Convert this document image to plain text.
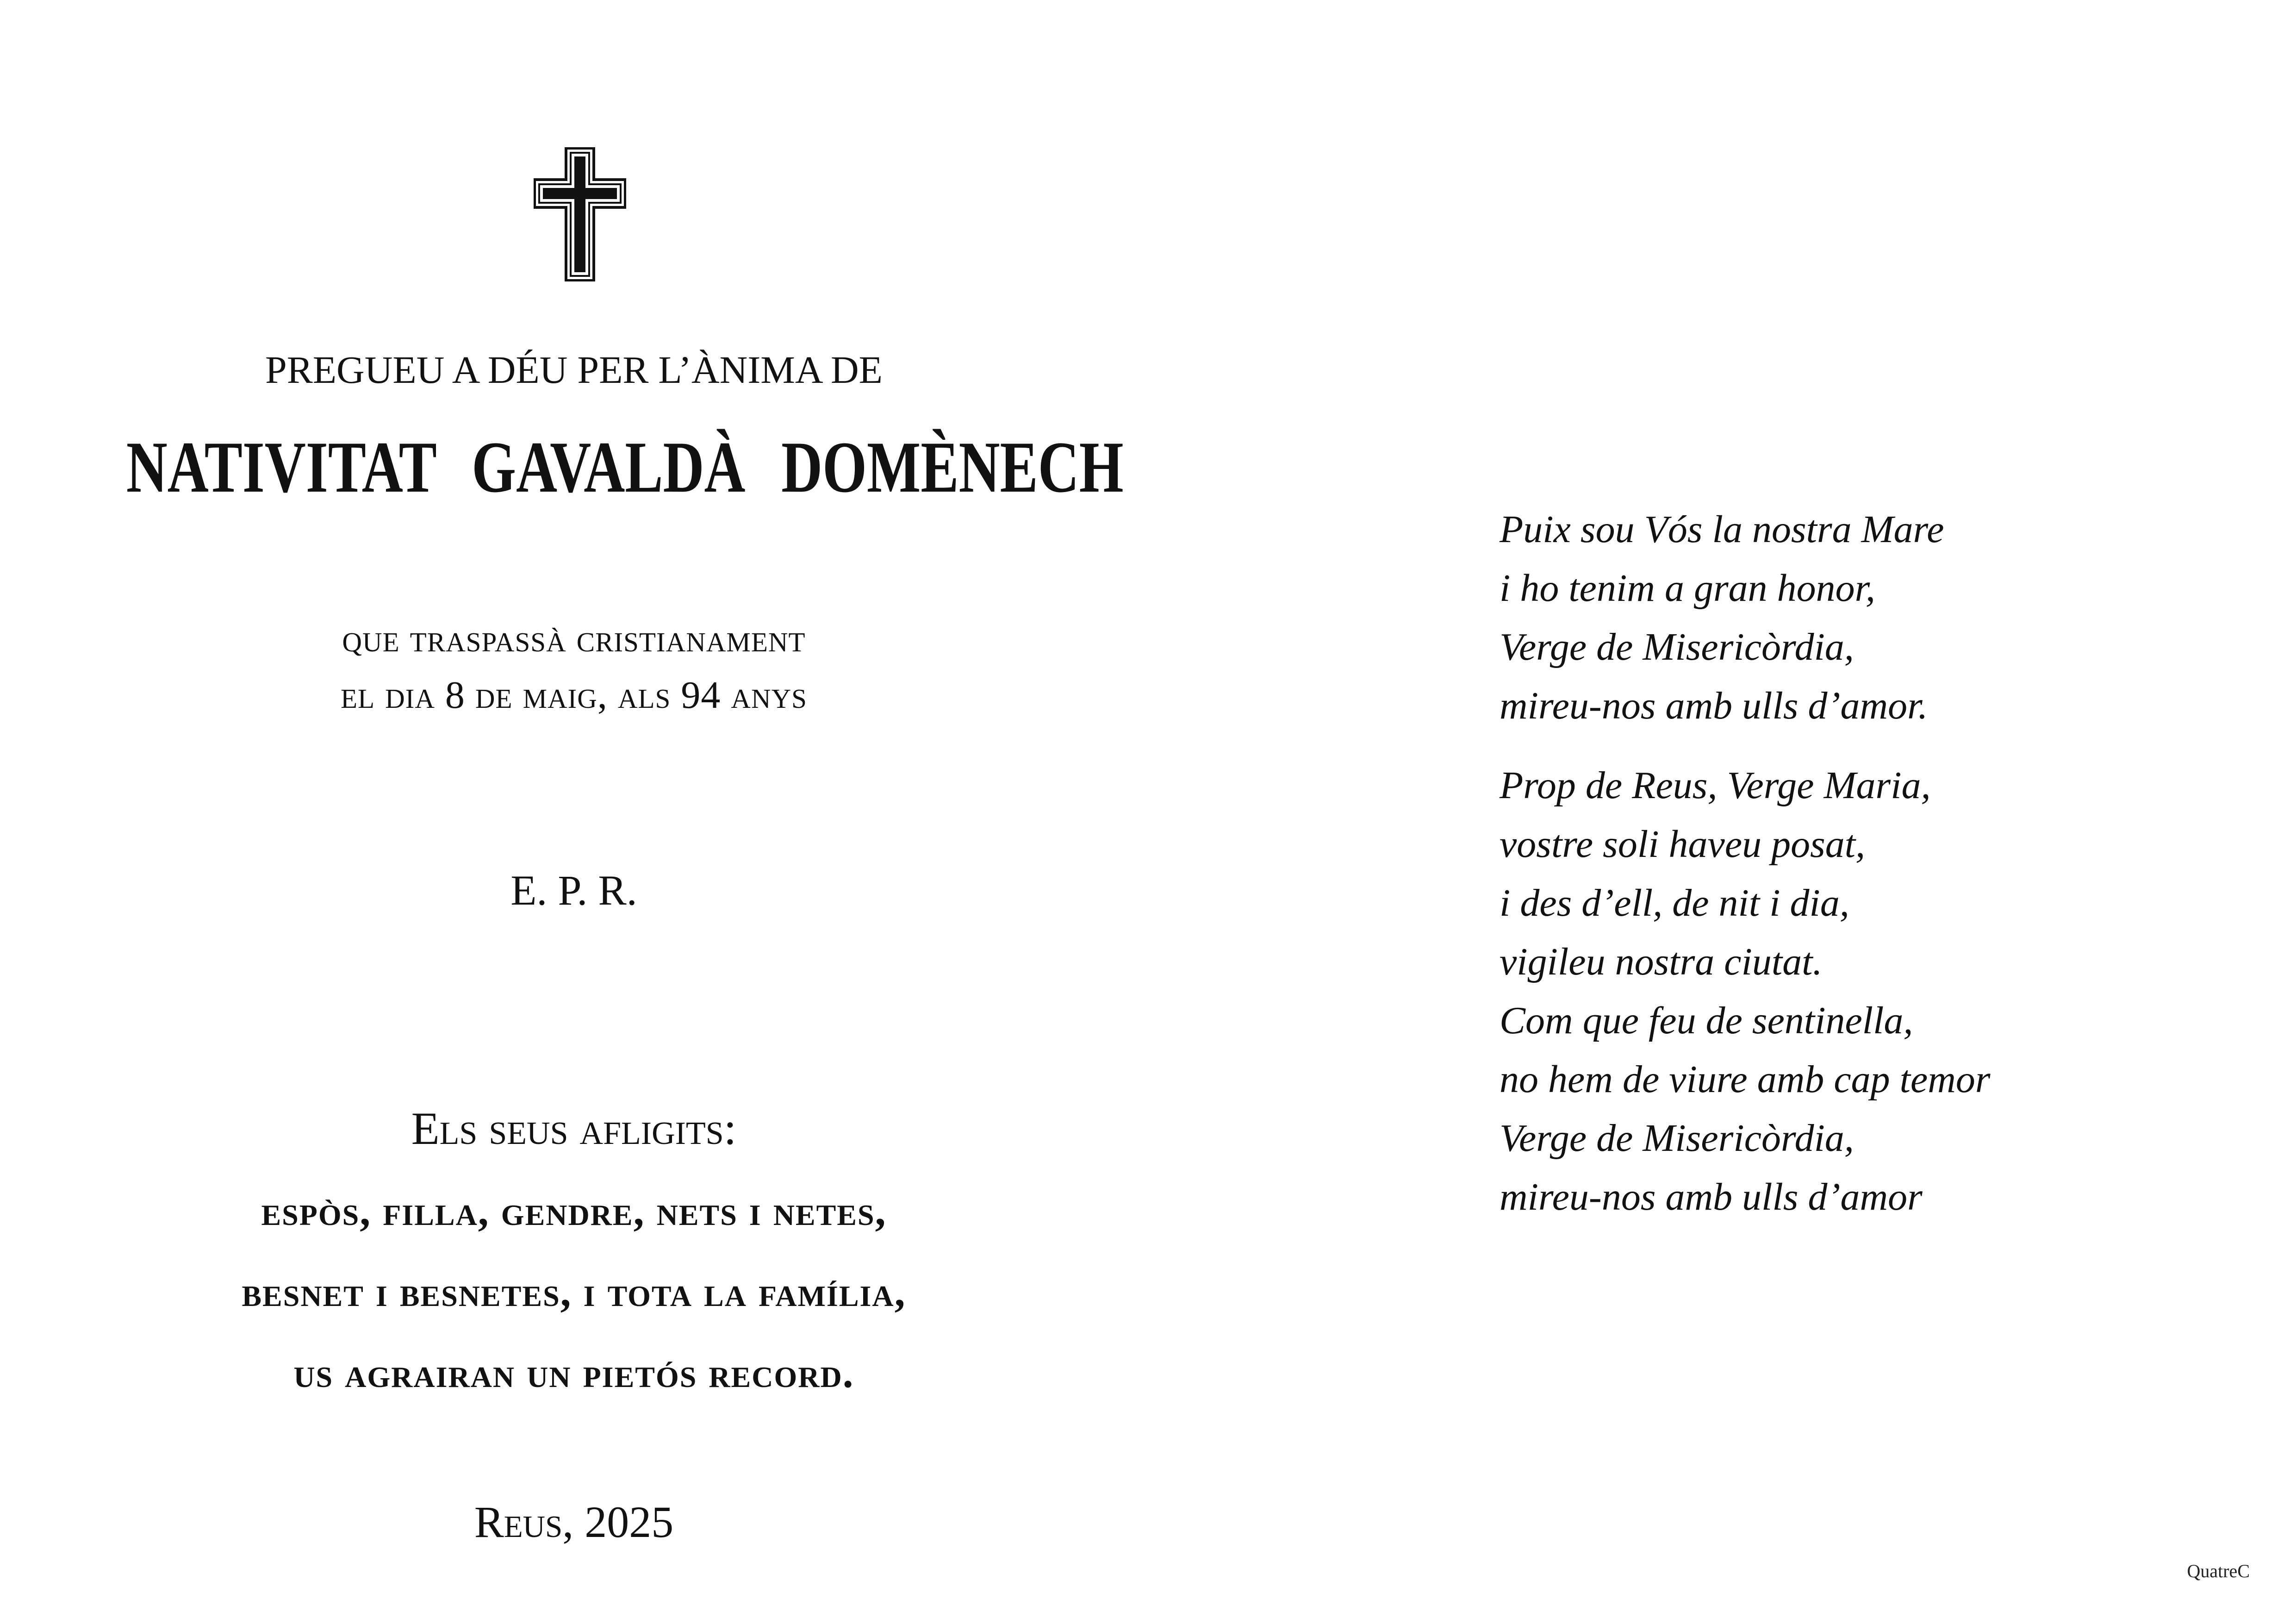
PREGUEU A DÉU PER L’ÀNIMA DE
NATIVITAT GAVALDÀ DOMÈNECH
que traspassà cristianament
el dia 8 de maig, als 94 anys
E. P. R.
Els seus afligits:
espòs, filla, gendre, nets i netes,
besnet i besnetes, i tota la família,
us agrairan un pietós record.
Reus, 2025
Puix sou Vós la nostra Mare
i ho tenim a gran honor,
Verge de Misericòrdia,
mireu-nos amb ulls d’amor.
Prop de Reus, Verge Maria,
vostre soli haveu posat,
i des d’ell, de nit i dia,
vigileu nostra ciutat.
Com que feu de sentinella,
no hem de viure amb cap temor
Verge de Misericòrdia,
mireu-nos amb ulls d’amor
QuatreC
